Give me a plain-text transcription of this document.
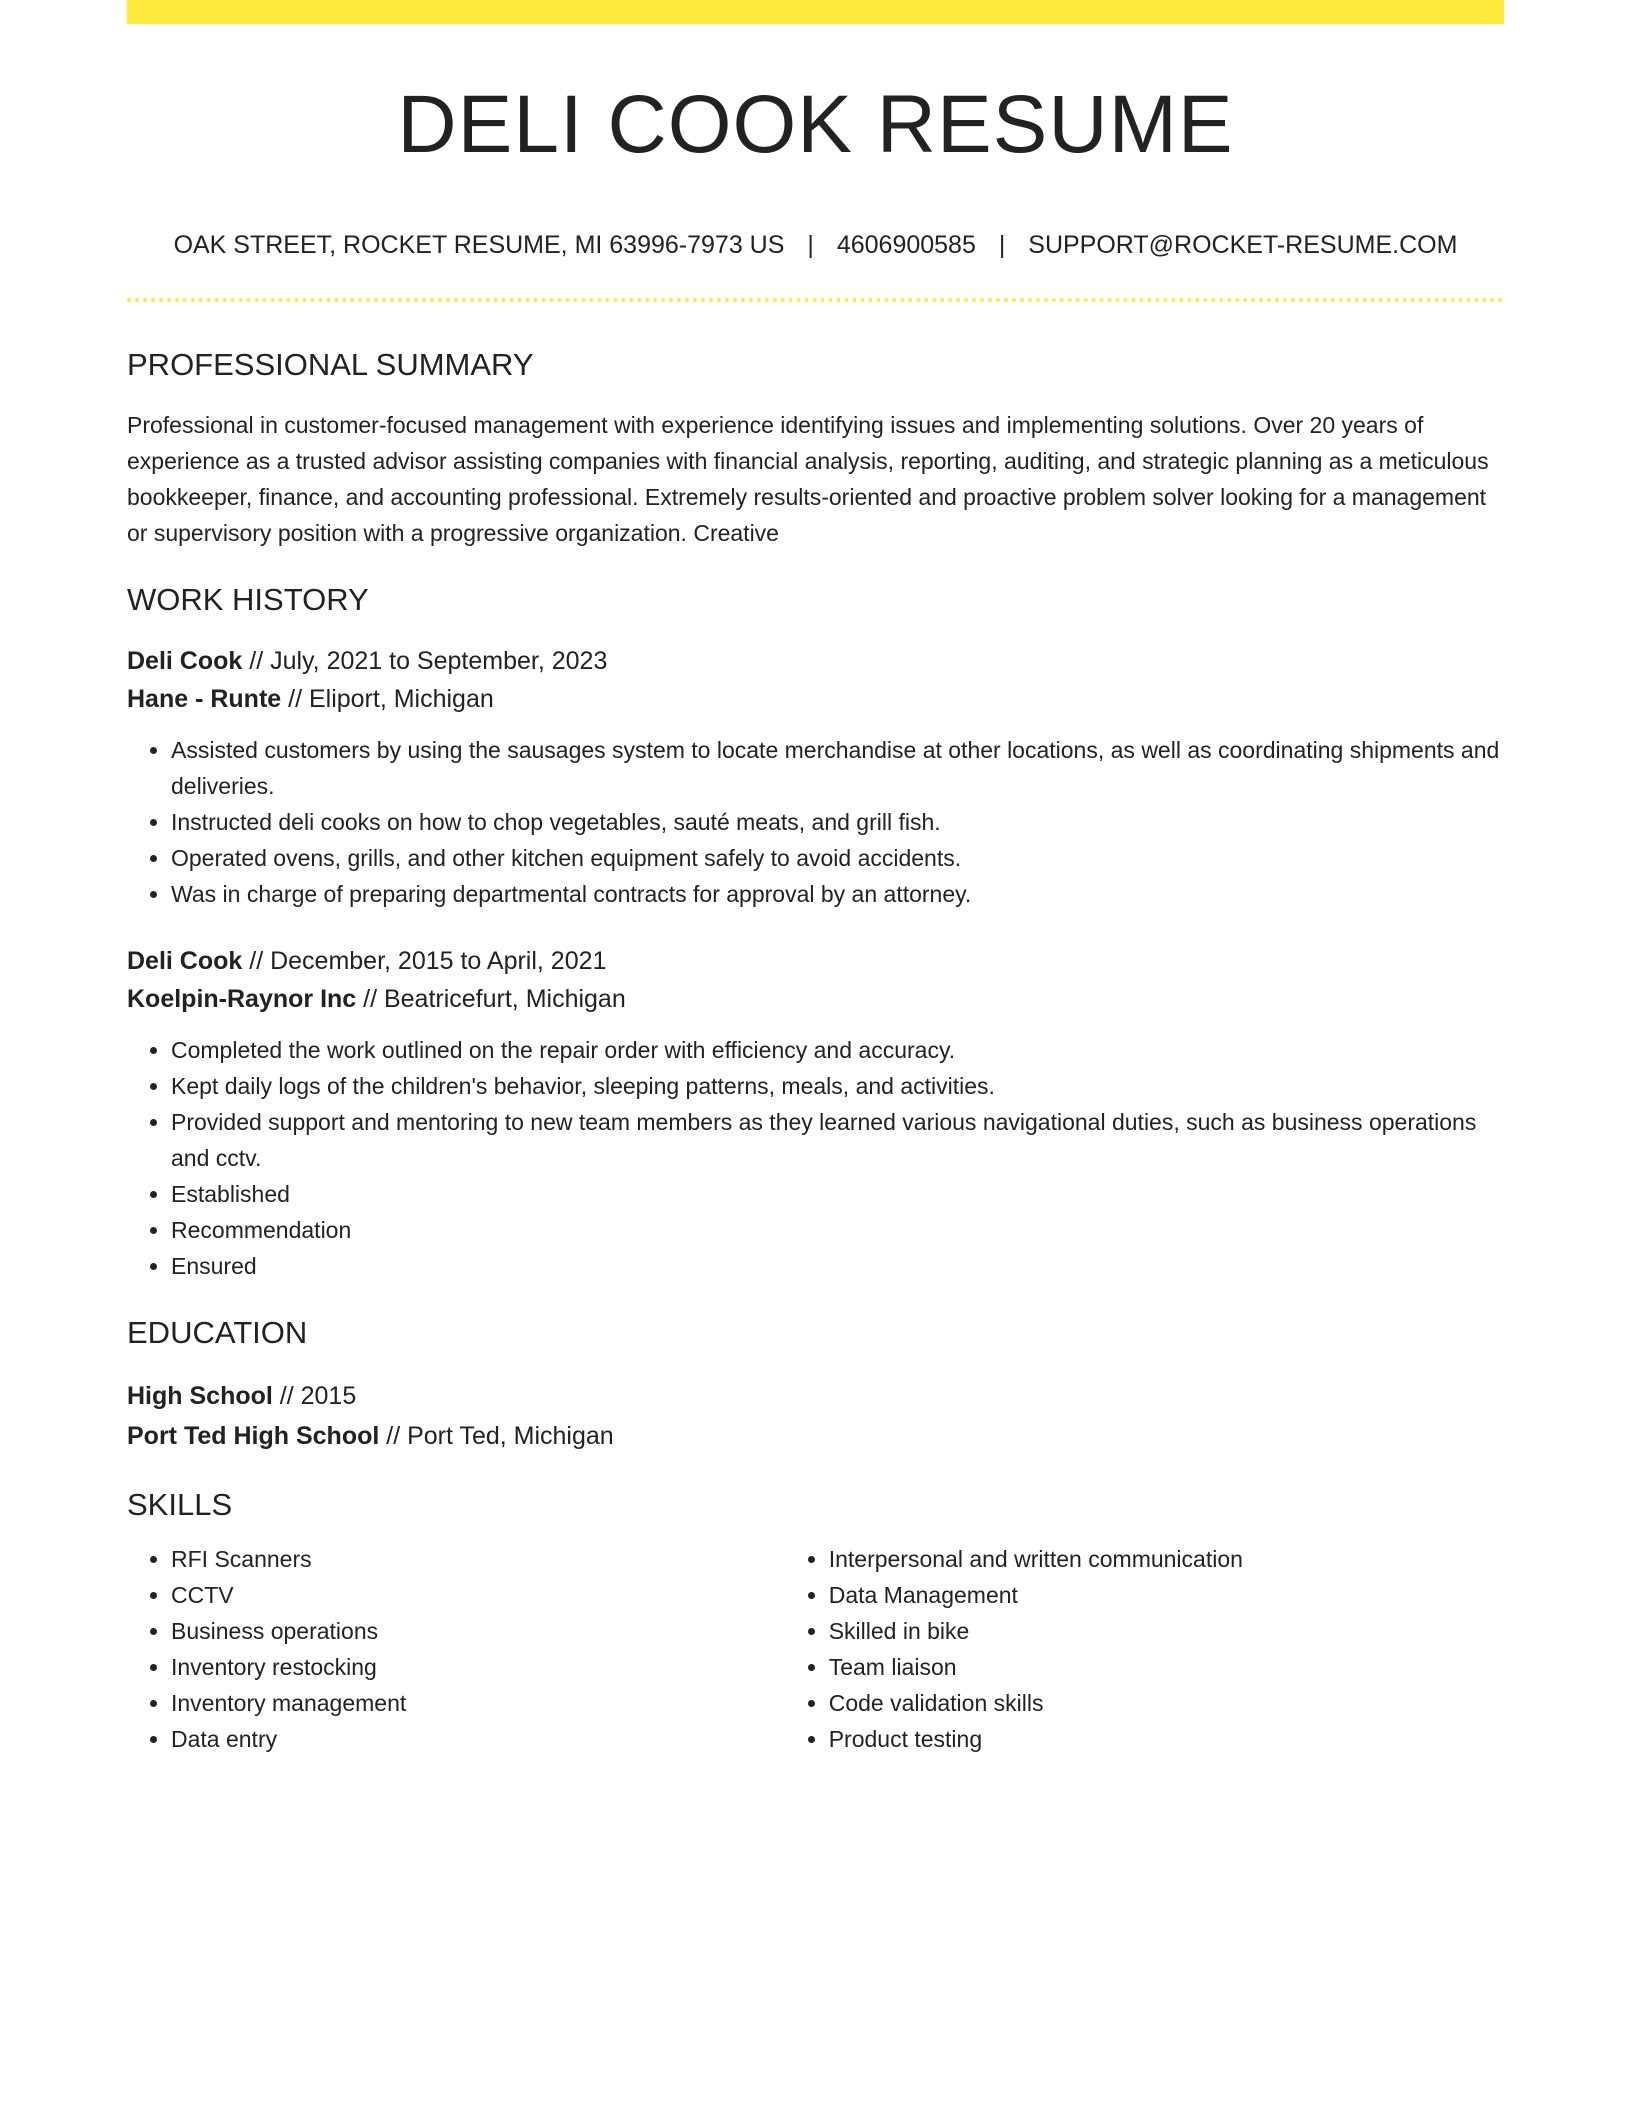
DELI COOK RESUME
OAK STREET, ROCKET RESUME, MI 63996-7973 US | 4606900585 | SUPPORT@ROCKET-RESUME.COM
PROFESSIONAL SUMMARY
Professional in customer-focused management with experience identifying issues and implementing solutions. Over 20 years of experience as a trusted advisor assisting companies with financial analysis, reporting, auditing, and strategic planning as a meticulous bookkeeper, finance, and accounting professional. Extremely results-oriented and proactive problem solver looking for a management or supervisory position with a progressive organization. Creative
WORK HISTORY
Deli Cook // July, 2021 to September, 2023
Hane - Runte // Eliport, Michigan
• Assisted customers by using the sausages system to locate merchandise at other locations, as well as coordinating shipments and deliveries.
• Instructed deli cooks on how to chop vegetables, sauté meats, and grill fish.
• Operated ovens, grills, and other kitchen equipment safely to avoid accidents.
• Was in charge of preparing departmental contracts for approval by an attorney.
Deli Cook // December, 2015 to April, 2021
Koelpin-Raynor Inc // Beatricefurt, Michigan
• Completed the work outlined on the repair order with efficiency and accuracy.
• Kept daily logs of the children's behavior, sleeping patterns, meals, and activities.
• Provided support and mentoring to new team members as they learned various navigational duties, such as business operations and cctv.
• Established
• Recommendation
• Ensured
EDUCATION
High School // 2015
Port Ted High School // Port Ted, Michigan
SKILLS
• RFI Scanners
• CCTV
• Business operations
• Inventory restocking
• Inventory management
• Data entry
• Interpersonal and written communication
• Data Management
• Skilled in bike
• Team liaison
• Code validation skills
• Product testing
